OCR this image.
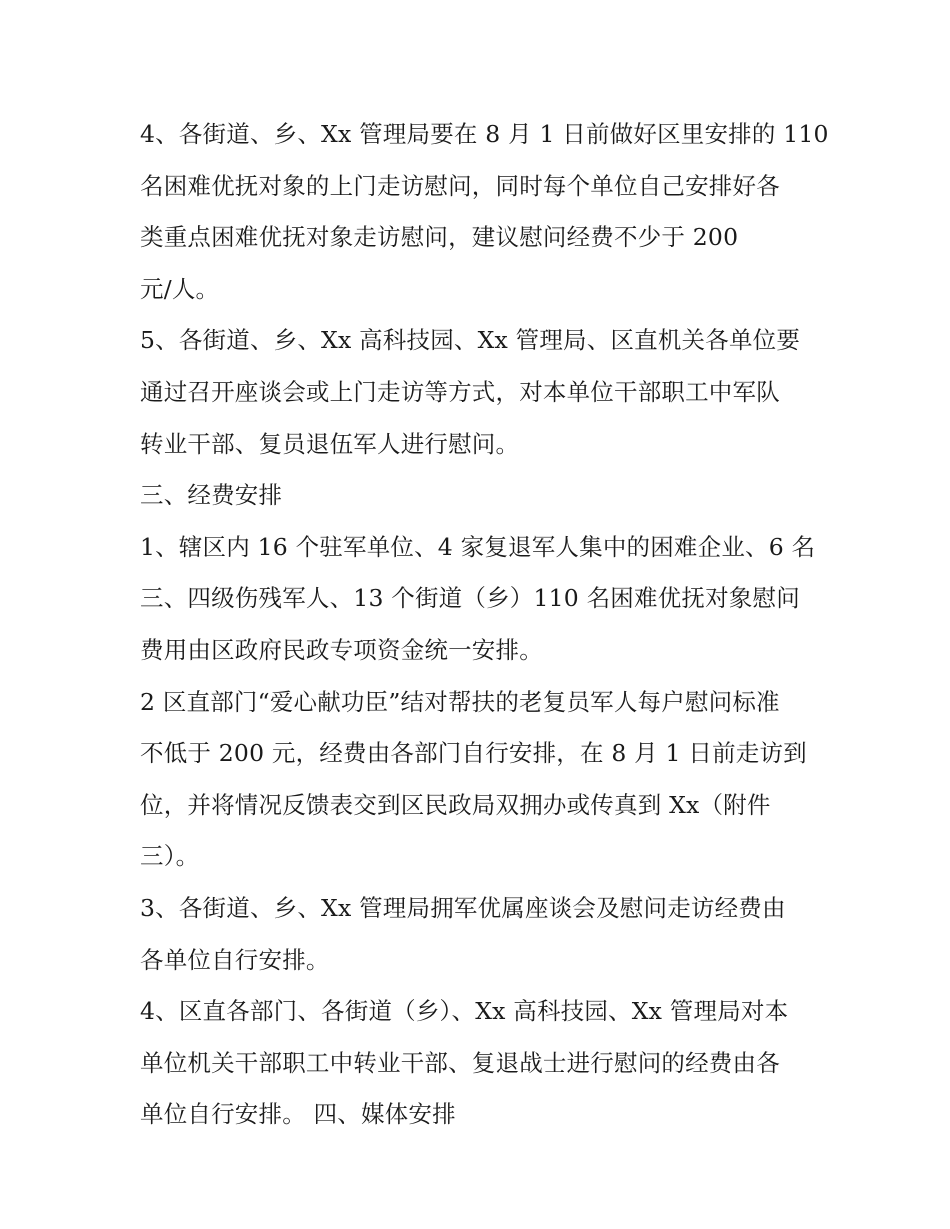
4、各街道、乡、Xx 管理局要在 8 月 1 日前做好区里安排的 110
名困难优抚对象的上门走访慰问，同时每个单位自己安排好各
类重点困难优抚对象走访慰问，建议慰问经费不少于 200
元/人。
5、各街道、乡、Xx 高科技园、Xx 管理局、区直机关各单位要
通过召开座谈会或上门走访等方式，对本单位干部职工中军队
转业干部、复员退伍军人进行慰问。
三、经费安排
1、辖区内 16 个驻军单位、4 家复退军人集中的困难企业、6 名
三、四级伤残军人、13 个街道（乡）110 名困难优抚对象慰问
费用由区政府民政专项资金统一安排。
2 区直部门“爱心献功臣”结对帮扶的老复员军人每户慰问标准
不低于 200 元，经费由各部门自行安排，在 8 月 1 日前走访到
位，并将情况反馈表交到区民政局双拥办或传真到 Xx（附件
三）。
3、各街道、乡、Xx 管理局拥军优属座谈会及慰问走访经费由
各单位自行安排。
4、区直各部门、各街道（乡）、Xx 高科技园、Xx 管理局对本
单位机关干部职工中转业干部、复退战士进行慰问的经费由各
单位自行安排。 四、媒体安排
